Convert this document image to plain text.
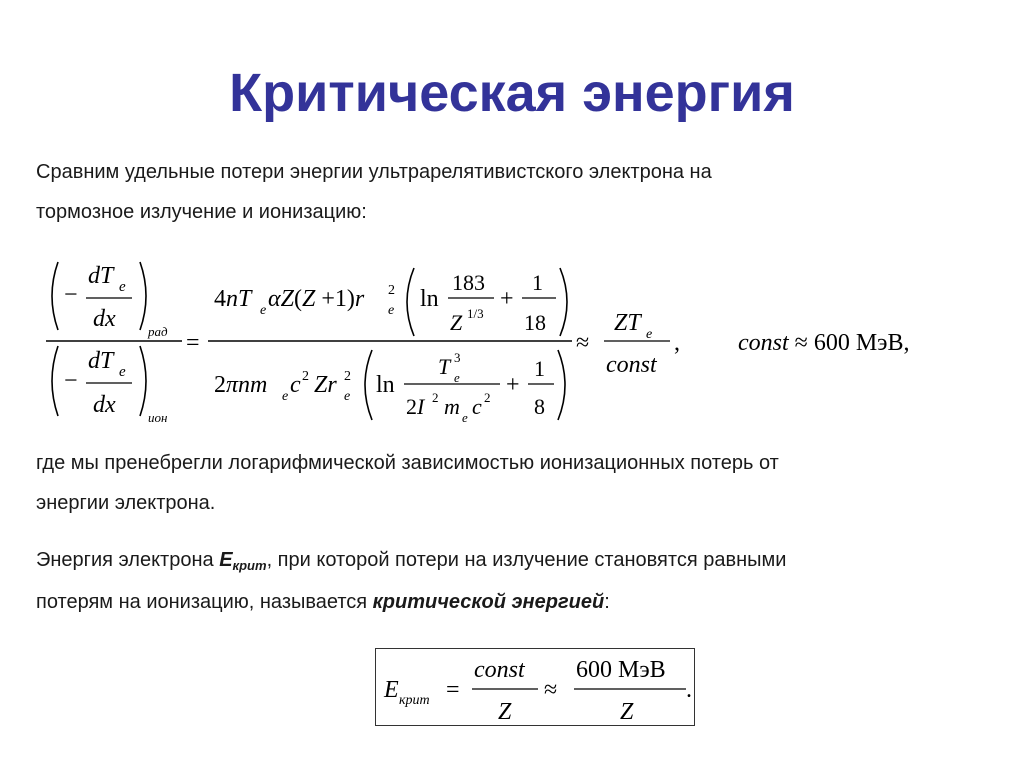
Критическая энергия
Сравним удельные потери энергии ультрарелятивистского электрона на
тормозное излучение и ионизацию:
−
dT e
dx рад
−
dT e
dx ион
=
4nT e αZ(Z +1)r 2
e ln
183
Z 1/3
+
1
18
2πnm e c 2 Zr 2
e ln
T 3
e
2I 2 m e c 2 +
1
8
≈
ZT e
const
, const ≈ 600 МэВ,
где мы пренебрегли логарифмической зависимостью ионизационных потерь от
энергии электрона.
Энергия электрона $E_{крит}$, при которой потери на излучение становятся равными
потерям на ионизацию, называется критической энергией:
E крит =
const
Z
≈
600 МэВ
Z
.
